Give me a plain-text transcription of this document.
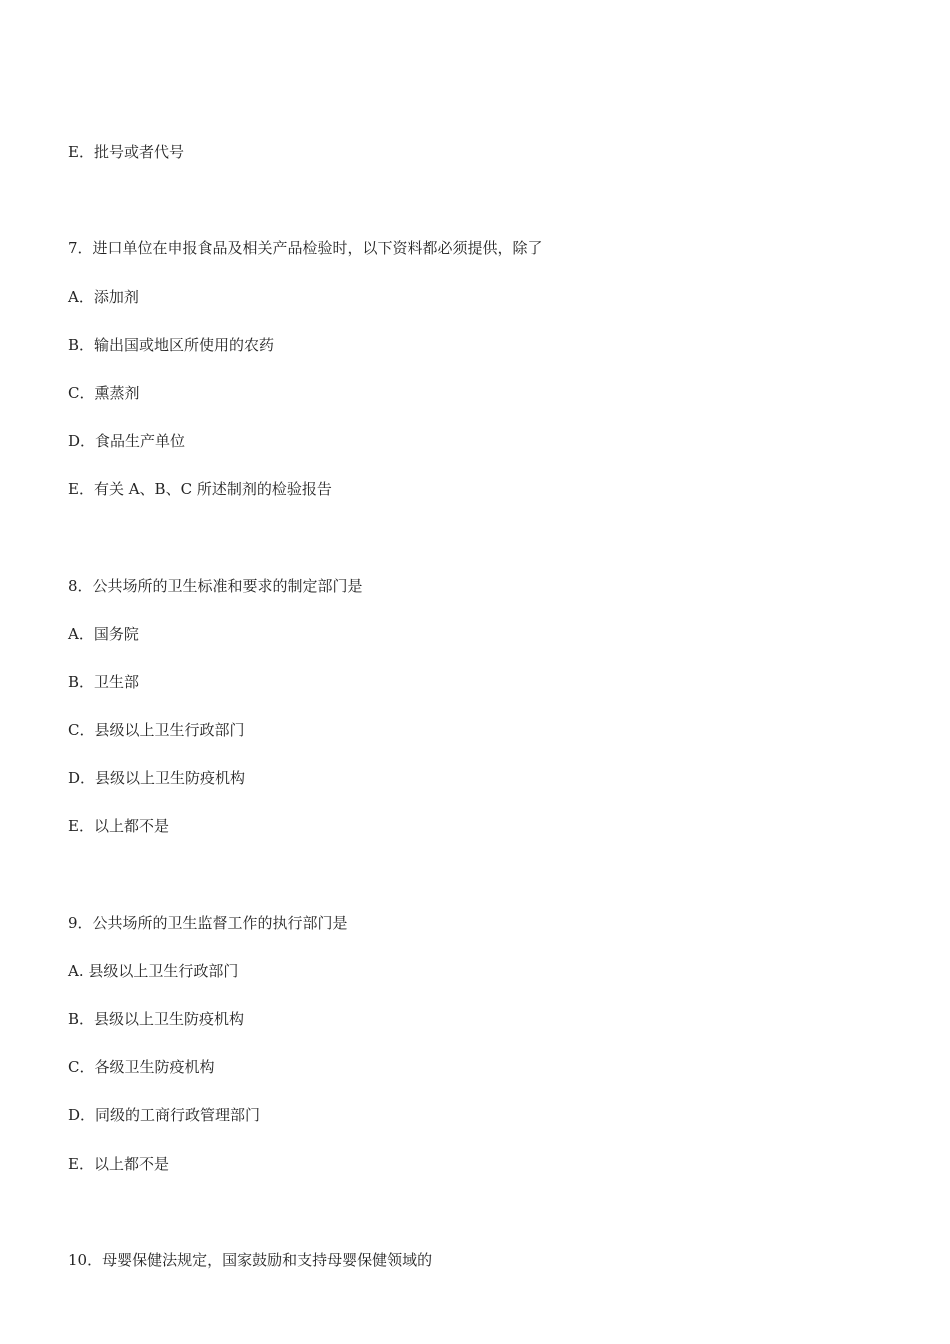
E．批号或者代号
7．进口单位在申报食品及相关产品检验时，以下资料都必须提供，除了
A．添加剂
B．输出国或地区所使用的农药
C．熏蒸剂
D．食品生产单位
E．有关 A、B、C 所述制剂的检验报告
8．公共场所的卫生标准和要求的制定部门是
A．国务院
B．卫生部
C．县级以上卫生行政部门
D．县级以上卫生防疫机构
E．以上都不是
9．公共场所的卫生监督工作的执行部门是
A. 县级以上卫生行政部门
B．县级以上卫生防疫机构
C．各级卫生防疫机构
D．同级的工商行政管理部门
E．以上都不是
10．母婴保健法规定，国家鼓励和支持母婴保健领域的
